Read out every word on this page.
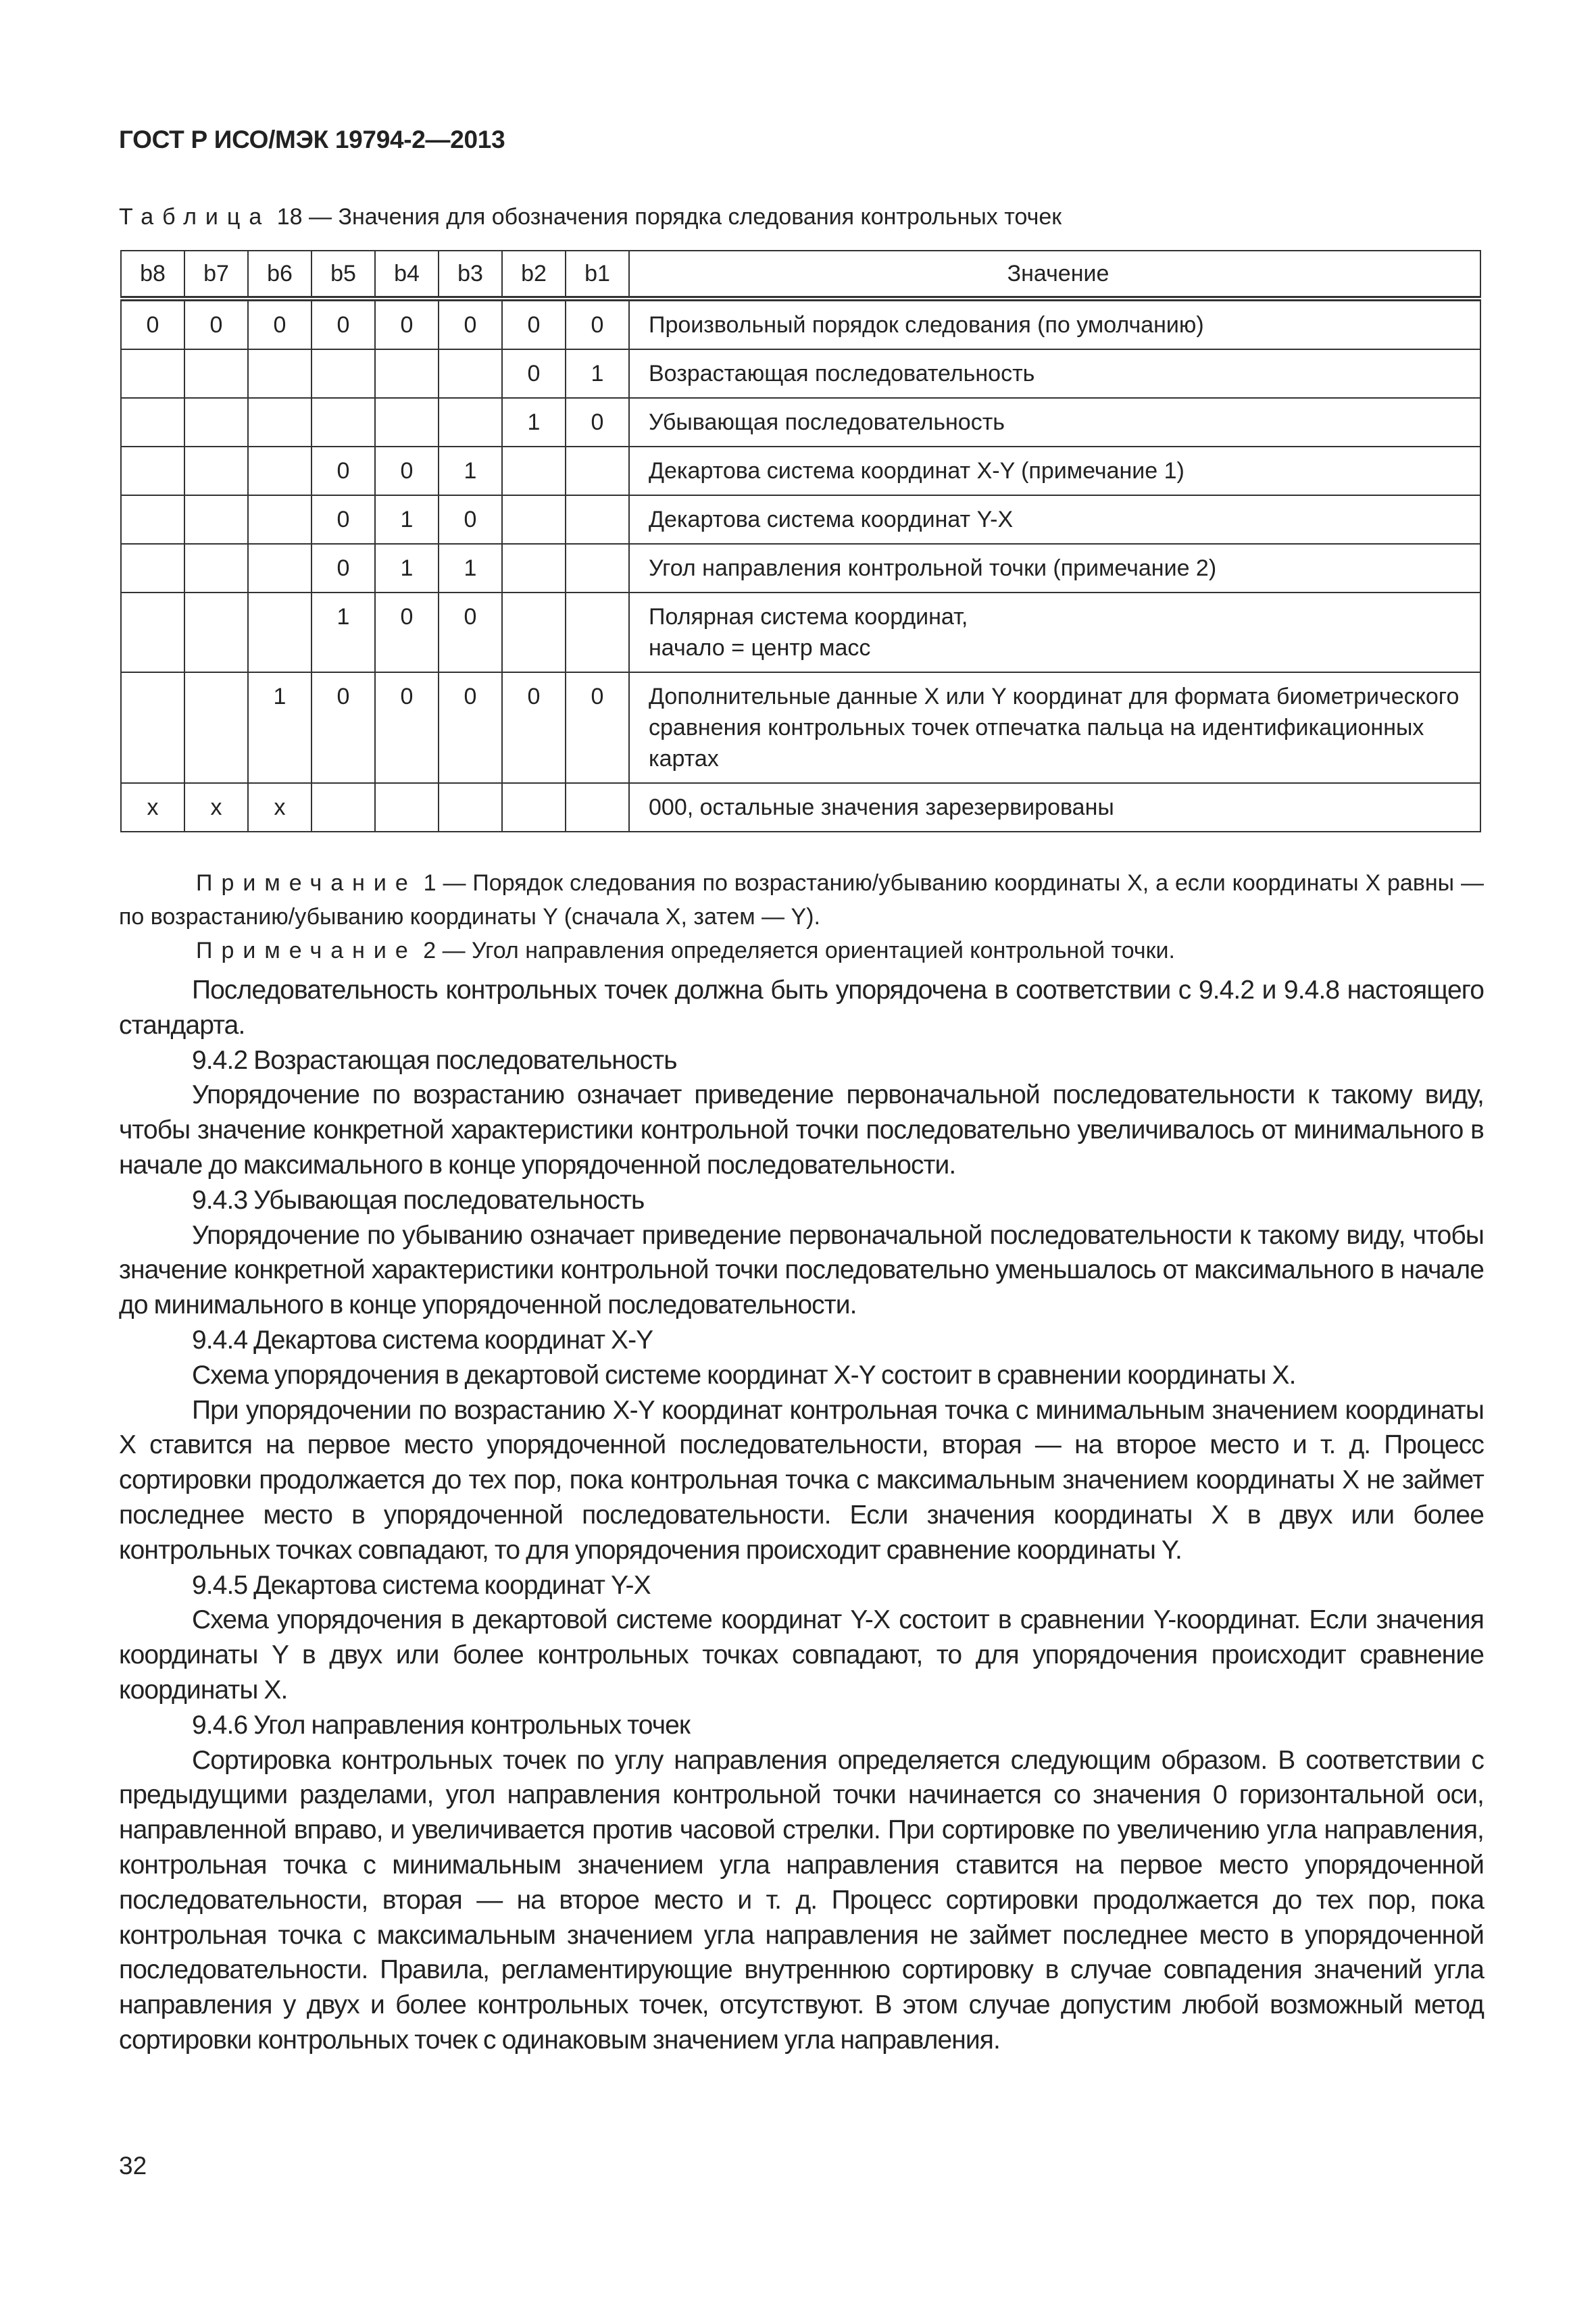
ГОСТ Р ИСО/МЭК 19794-2—2013
Таблица 18 — Значения для обозначения порядка следования контрольных точек
b8	b7	b6	b5	b4	b3	b2	b1	Значение
0	0	0	0	0	0	0	0	Произвольный порядок следования (по умолчанию)
						0	1	Возрастающая последовательность
						1	0	Убывающая последовательность
			0	0	1			Декартова система координат X-Y (примечание 1)
			0	1	0			Декартова система координат Y-X
			0	1	1			Угол направления контрольной точки (примечание 2)
			1	0	0			Полярная система координат,
начало = центр масс
		1	0	0	0	0	0	Дополнительные данные X или Y координат для формата биометрического сравнения контрольных точек отпечатка пальца на идентификационных картах
x	x	x						000, остальные значения зарезервированы

Примечание 1 — Порядок следования по возрастанию/убыванию координаты X, а если координаты X равны — по возрастанию/убыванию координаты Y (сначала X, затем — Y).

Примечание 2 — Угол направления определяется ориентацией контрольной точки.

Последовательность контрольных точек должна быть упорядочена в соответствии с 9.4.2 и 9.4.8 настоящего стандарта.

9.4.2 Возрастающая последовательность

Упорядочение по возрастанию означает приведение первоначальной последовательности к такому виду, чтобы значение конкретной характеристики контрольной точки последовательно увеличивалось от минимального в начале до максимального в конце упорядоченной последовательности.

9.4.3 Убывающая последовательность

Упорядочение по убыванию означает приведение первоначальной последовательности к такому виду, чтобы значение конкретной характеристики контрольной точки последовательно уменьшалось от максимального в начале до минимального в конце упорядоченной последовательности.

9.4.4 Декартова система координат X-Y

Схема упорядочения в декартовой системе координат X-Y состоит в сравнении координаты X.

При упорядочении по возрастанию X-Y координат контрольная точка с минимальным значением координаты X ставится на первое место упорядоченной последовательности, вторая — на второе место и т. д. Процесс сортировки продолжается до тех пор, пока контрольная точка с максимальным значением координаты X не займет последнее место в упорядоченной последовательности. Если значения координаты X в двух или более контрольных точках совпадают, то для упорядочения происходит сравнение координаты Y.

9.4.5 Декартова система координат Y-X

Схема упорядочения в декартовой системе координат Y-X состоит в сравнении Y-координат. Если значения координаты Y в двух или более контрольных точках совпадают, то для упорядочения происходит сравнение координаты X.

9.4.6 Угол направления контрольных точек

Сортировка контрольных точек по углу направления определяется следующим образом. В соответствии с предыдущими разделами, угол направления контрольной точки начинается со значения 0 горизонтальной оси, направленной вправо, и увеличивается против часовой стрелки. При сортировке по увеличению угла направления, контрольная точка с минимальным значением угла направления ставится на первое место упорядоченной последовательности, вторая — на второе место и т. д. Процесс сортировки продолжается до тех пор, пока контрольная точка с максимальным значением угла направления не займет последнее место в упорядоченной последовательности. Правила, регламентирующие внутреннюю сортировку в случае совпадения значений угла направления у двух и более контрольных точек, отсутствуют. В этом случае допустим любой возможный метод сортировки контрольных точек с одинаковым значением угла направления.

32
